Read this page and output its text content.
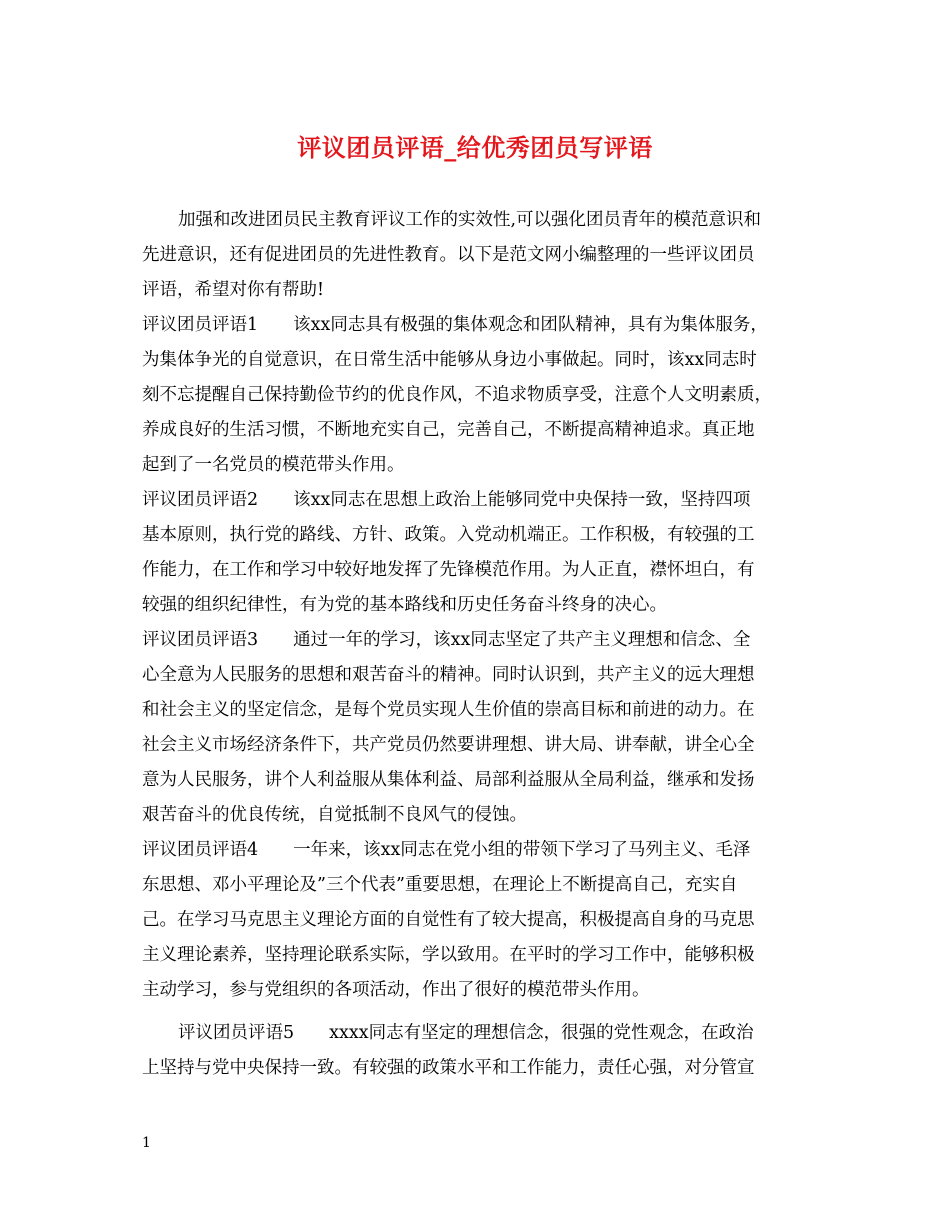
评议团员评语_给优秀团员写评语
加强和改进团员民主教育评议工作的实效性,可以强化团员青年的模范意识和
先进意识，还有促进团员的先进性教育。以下是范文网小编整理的一些评议团员
评语，希望对你有帮助!
评议团员评语1　　该xx同志具有极强的集体观念和团队精神，具有为集体服务，
为集体争光的自觉意识，在日常生活中能够从身边小事做起。同时，该xx同志时
刻不忘提醒自己保持勤俭节约的优良作风，不追求物质享受，注意个人文明素质，
养成良好的生活习惯，不断地充实自己，完善自己，不断提高精神追求。真正地
起到了一名党员的模范带头作用。
评议团员评语2　　该xx同志在思想上政治上能够同党中央保持一致，坚持四项
基本原则，执行党的路线、方针、政策。入党动机端正。工作积极，有较强的工
作能力，在工作和学习中较好地发挥了先锋模范作用。为人正直，襟怀坦白，有
较强的组织纪律性，有为党的基本路线和历史任务奋斗终身的决心。
评议团员评语3　　通过一年的学习，该xx同志坚定了共产主义理想和信念、全
心全意为人民服务的思想和艰苦奋斗的精神。同时认识到，共产主义的远大理想
和社会主义的坚定信念，是每个党员实现人生价值的崇高目标和前进的动力。在
社会主义市场经济条件下，共产党员仍然要讲理想、讲大局、讲奉献，讲全心全
意为人民服务，讲个人利益服从集体利益、局部利益服从全局利益，继承和发扬
艰苦奋斗的优良传统，自觉抵制不良风气的侵蚀。
评议团员评语4　　一年来，该xx同志在党小组的带领下学习了马列主义、毛泽
东思想、邓小平理论及”三个代表”重要思想，在理论上不断提高自己，充实自
己。在学习马克思主义理论方面的自觉性有了较大提高，积极提高自身的马克思
主义理论素养，坚持理论联系实际，学以致用。在平时的学习工作中，能够积极
主动学习，参与党组织的各项活动，作出了很好的模范带头作用。
评议团员评语5　　xxxx同志有坚定的理想信念，很强的党性观念，在政治
上坚持与党中央保持一致。有较强的政策水平和工作能力，责任心强，对分管宣
1
